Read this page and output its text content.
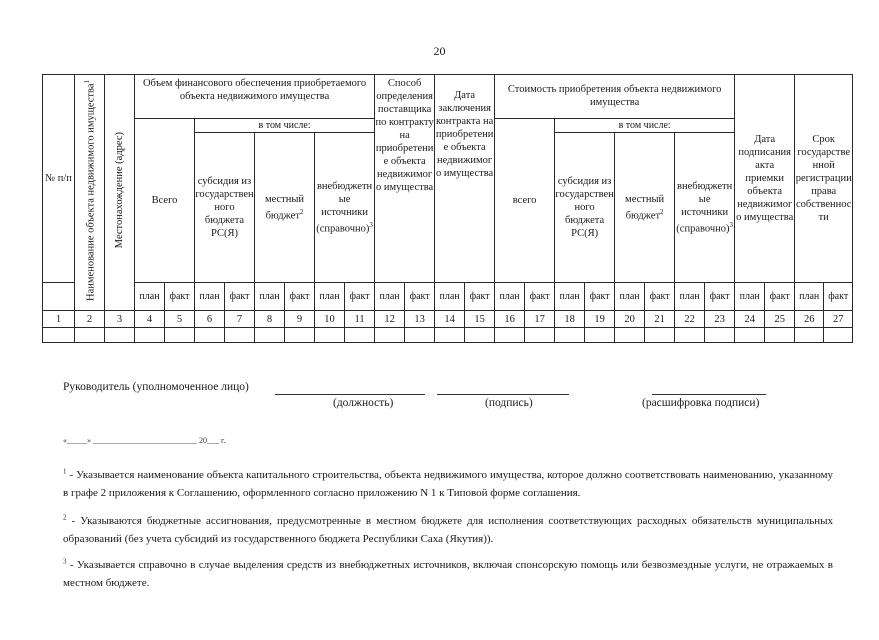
20
№ п/п	Наименование объекта недвижимого имущества$^1$	Местонахождение (адрес)	Объем финансового обеспечения приобретаемого объекта недвижимого имущества								Способ определения поставщика по контракту на приобретение объекта недвижимого имущества		Дата заключения контракта на приобретение объекта недвижимого имущества		Стоимость приобретения объекта недвижимого имущества								Дата подписания акта приемки объекта недвижимого имущества		Срок государственной регистрации права собственности	
			Всего		в том числе:										всего		в том числе:									
					субсидия из государственного бюджета РС(Я)		местный бюджет$^2$		внебюджетные источники (справочно)$^3$								субсидия из государственного бюджета РС(Я)		местный бюджет$^2$		внебюджетные источники (справочно)$^3$
			план	факт	план	факт	план	факт	план	факт	план	факт	план	факт	план	факт	план	факт	план	факт	план	факт	план	факт	план	факт
1	2	3	4	5	6	7	8	9	10	11	12	13	14	15	16	17	18	19	20	21	22	23	24	25	26	27

Руководитель (уполномоченное лицо)
(должность)	(подпись)	(расшифровка подписи)
«_____» __________________________ 20___ г.
$^1$ - Указывается наименование объекта капитального строительства, объекта недвижимого имущества, которое должно соответствовать наименованию, указанному в графе 2 приложения к Соглашению, оформленного согласно приложению N 1 к Типовой форме соглашения.
$^2$ - Указываются бюджетные ассигнования, предусмотренные в местном бюджете для исполнения соответствующих расходных обязательств муниципальных образований (без учета субсидий из государственного бюджета Республики Саха (Якутия)).
$^3$ - Указывается справочно в случае выделения средств из внебюджетных источников, включая спонсорскую помощь или безвозмездные услуги, не отражаемых в местном бюджете.
